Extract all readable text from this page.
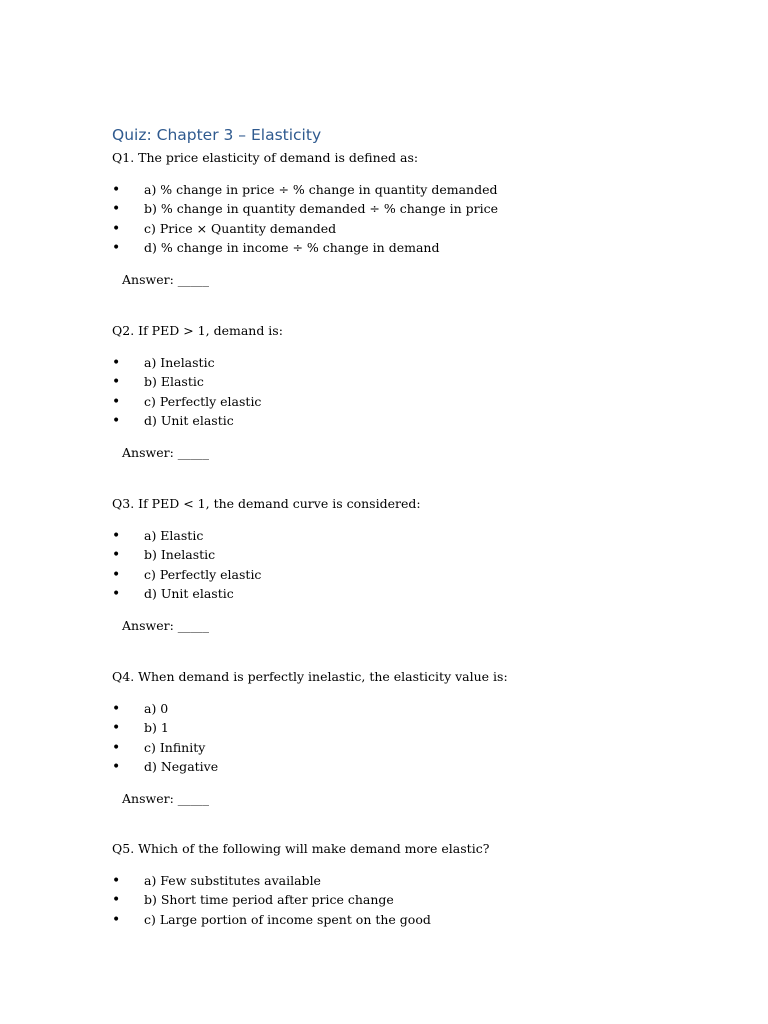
Quiz: Chapter 3 – Elasticity

Q1. The price elasticity of demand is defined as:

• a) % change in price ÷ % change in quantity demanded
• b) % change in quantity demanded ÷ % change in price
• c) Price × Quantity demanded
• d) % change in income ÷ % change in demand

Answer: _____

Q2. If PED > 1, demand is:

• a) Inelastic
• b) Elastic
• c) Perfectly elastic
• d) Unit elastic

Answer: _____

Q3. If PED < 1, the demand curve is considered:

• a) Elastic
• b) Inelastic
• c) Perfectly elastic
• d) Unit elastic

Answer: _____

Q4. When demand is perfectly inelastic, the elasticity value is:

• a) 0
• b) 1
• c) Infinity
• d) Negative

Answer: _____

Q5. Which of the following will make demand more elastic?

• a) Few substitutes available
• b) Short time period after price change
• c) Large portion of income spent on the good
